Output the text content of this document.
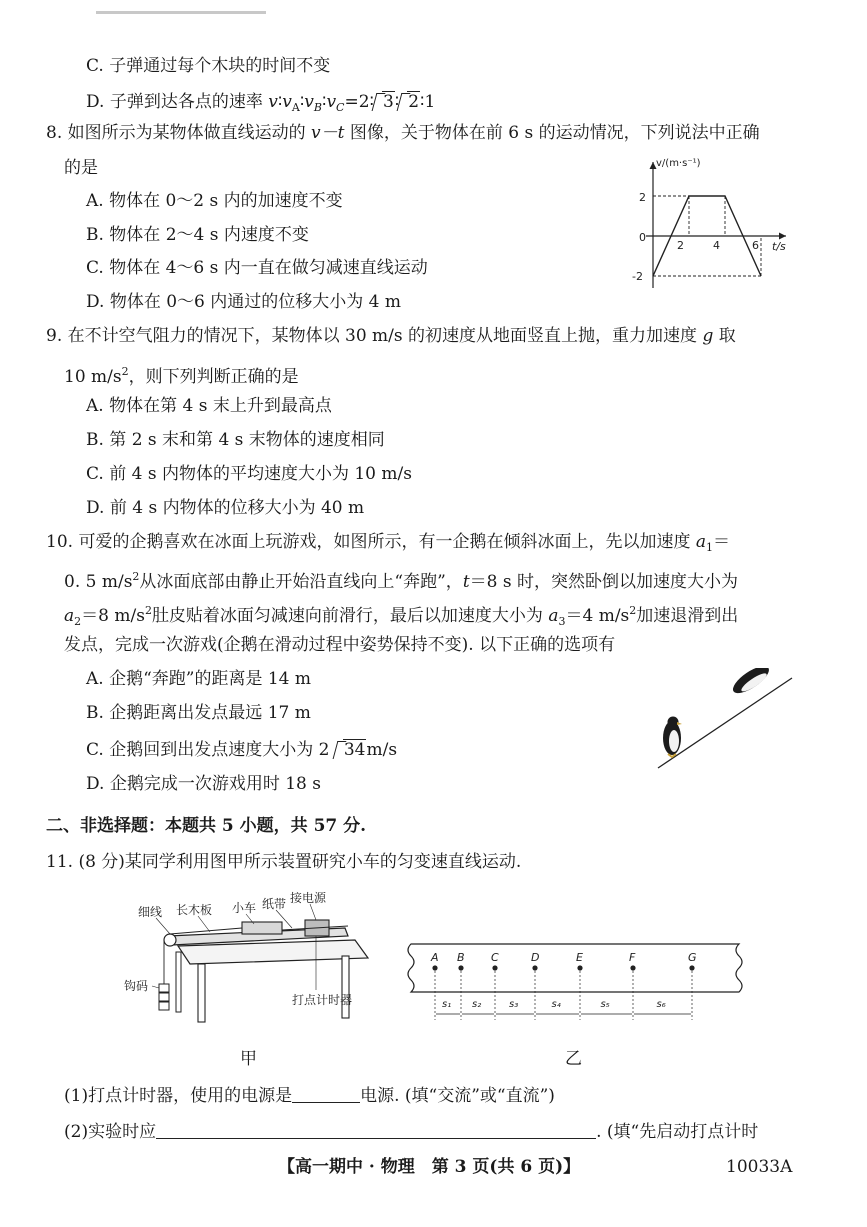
C. 子弹通过每个木块的时间不变
D. 子弹到达各点的速率 $v∶v_A∶v_B∶v_C=2∶$ 3∶ 2∶1
8. 如图所示为某物体做直线运动的 v－t 图像，关于物体在前 6 s 的运动情况，下列说法中正确
的是
A. 物体在 0～2 s 内的加速度不变
B. 物体在 2～4 s 内速度不变
C. 物体在 4～6 s 内一直在做匀减速直线运动
D. 物体在 0～6 内通过的位移大小为 4 m
v/(m·s⁻¹)
t/s
2
0
-2
2	4	6
9. 在不计空气阻力的情况下，某物体以 30 m/s 的初速度从地面竖直上抛，重力加速度 g 取
10 $m/s^2$，则下列判断正确的是
A. 物体在第 4 s 末上升到最高点
B. 第 2 s 末和第 4 s 末物体的速度相同
C. 前 4 s 内物体的平均速度大小为 10 m/s
D. 前 4 s 内物体的位移大小为 40 m
10. 可爱的企鹅喜欢在冰面上玩游戏，如图所示，有一企鹅在倾斜冰面上，先以加速度 $a_1=$
0. 5 $m/s^2$从冰面底部由静止开始沿直线向上“奔跑”，t＝8 s 时，突然卧倒以加速度大小为
$a_2=8$ $m/s^2$肚皮贴着冰面匀减速向前滑行，最后以加速度大小为 $a_3=4$ $m/s^2$加速退滑到出
发点，完成一次游戏(企鹅在滑动过程中姿势保持不变). 以下正确的选项有
A. 企鹅“奔跑”的距离是 14 m
B. 企鹅距离出发点最远 17 m
C. 企鹅回到出发点速度大小为 2 34m/s
D. 企鹅完成一次游戏用时 18 s
二、非选择题：本题共 5 小题，共 57 分.
11. (8 分)某同学利用图甲所示装置研究小车的匀变速直线运动.
细线 长木板 小车 纸带 接电源
钩码
打点计时器
A B C	D	E	F	G
s₁ s₂	s₃	s₄	s₅	s₆
甲	乙
(1)打点计时器，使用的电源是	电源. (填“交流”或“直流”)
(2)实验时应	. (填“先启动打点计时
【高一期中 · 物理　第 3 页(共 6 页)】	10033A
